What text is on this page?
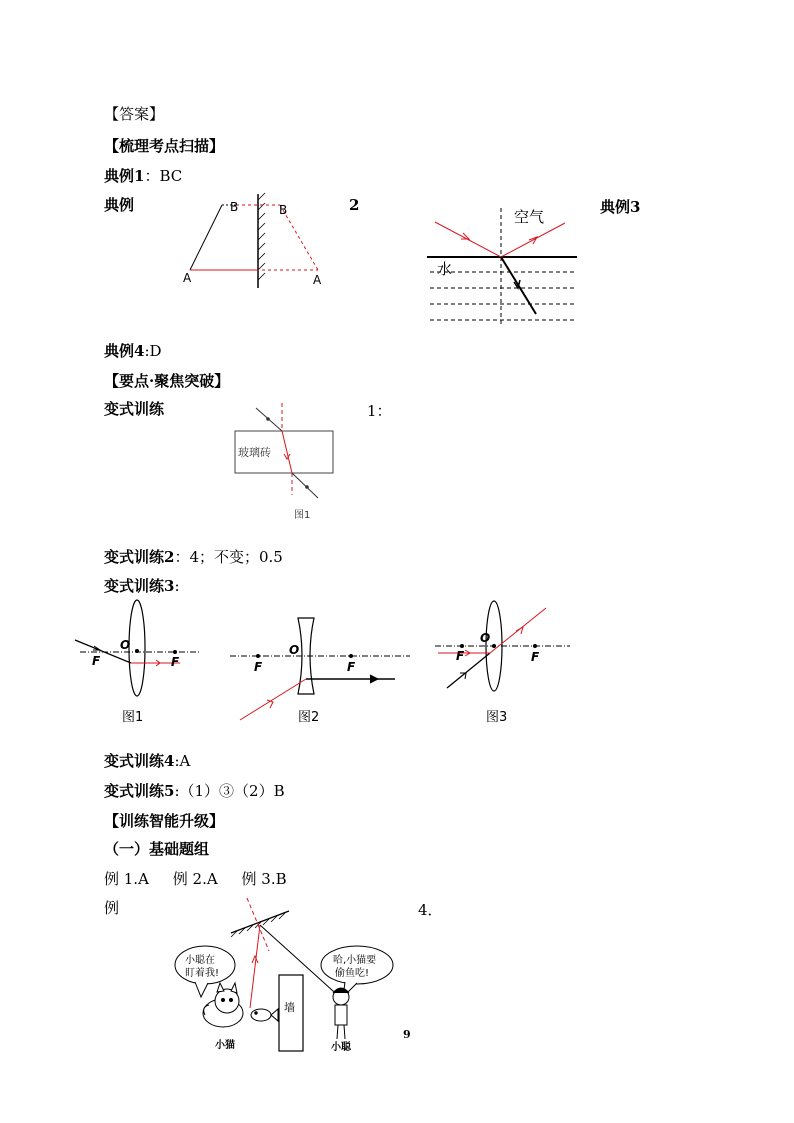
【答案】
【梳理考点扫描】
典例1：BC
典例	2	典例3
典例4:D
【要点·聚焦突破】
变式训练	1：
变式训练2：4；不变；0.5
变式训练3:
变式训练4:A
变式训练5:（1）③（2）B
【训练智能升级】
（一）基础题组
例 1.A     例 2.A     例 3.B
例	4．
B	B
A	A
空气
水
玻璃砖
图1
O
F	F
图1
O
F	F
图2
O
F	F
图3
墙
小聪在
盯着我!
哈,小猫要
偷鱼吃!
小猫	小聪
9
